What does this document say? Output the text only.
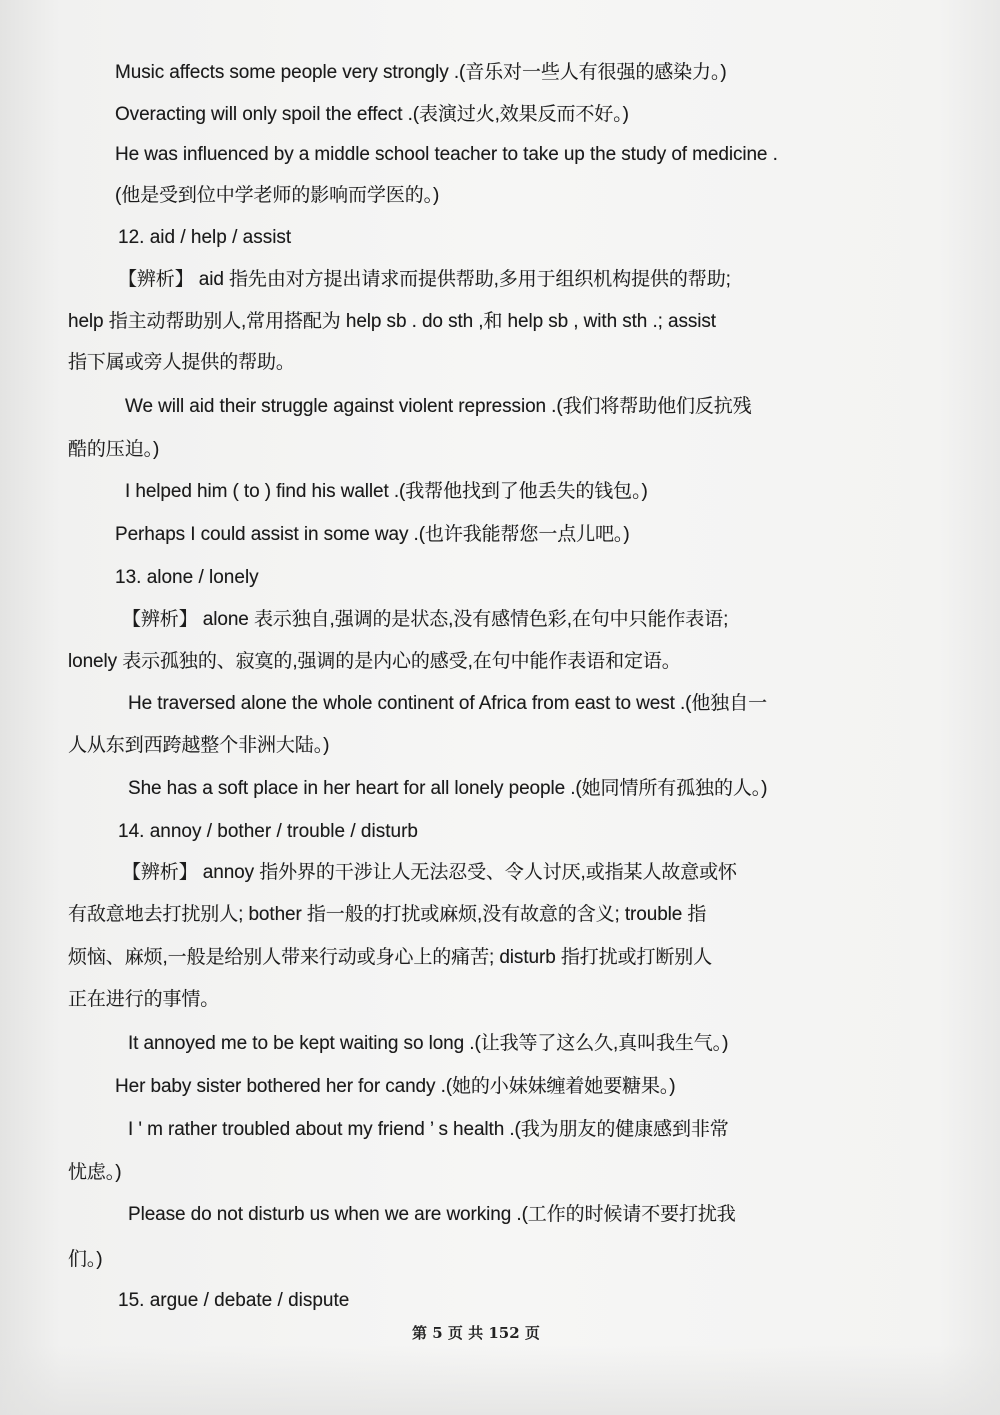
Music affects some people very strongly .(音乐对一些人有很强的感染力。)

Overacting will only spoil the effect .(表演过火,效果反而不好。)

He was influenced by a middle school teacher to take up the study of medicine .

(他是受到位中学老师的影响而学医的。)

12. aid / help / assist

【辨析】 aid 指先由对方提出请求而提供帮助,多用于组织机构提供的帮助;

help 指主动帮助别人,常用搭配为 help sb . do sth ,和 help sb , with sth .; assist

指下属或旁人提供的帮助。

We will aid their struggle against violent repression .(我们将帮助他们反抗残

酷的压迫。)

I helped him ( to ) find his wallet .(我帮他找到了他丢失的钱包。)

Perhaps I could assist in some way .(也许我能帮您一点儿吧。)

13. alone / lonely

【辨析】 alone 表示独自,强调的是状态,没有感情色彩,在句中只能作表语;

lonely 表示孤独的、寂寞的,强调的是内心的感受,在句中能作表语和定语。

He traversed alone the whole continent of Africa from east to west .(他独自一

人从东到西跨越整个非洲大陆。)

She has a soft place in her heart for all lonely people .(她同情所有孤独的人。)

14. annoy / bother / trouble / disturb

【辨析】 annoy 指外界的干涉让人无法忍受、令人讨厌,或指某人故意或怀

有敌意地去打扰别人; bother 指一般的打扰或麻烦,没有故意的含义; trouble 指

烦恼、麻烦,一般是给别人带来行动或身心上的痛苦; disturb 指打扰或打断别人

正在进行的事情。

It annoyed me to be kept waiting so long .(让我等了这么久,真叫我生气。)

Her baby sister bothered her for candy .(她的小妹妹缠着她要糖果。)

I ' m rather troubled about my friend ’ s health .(我为朋友的健康感到非常

忧虑。)

Please do not disturb us when we are working .(工作的时候请不要打扰我

们。)

15. argue / debate / dispute

第 5 页 共 152 页
